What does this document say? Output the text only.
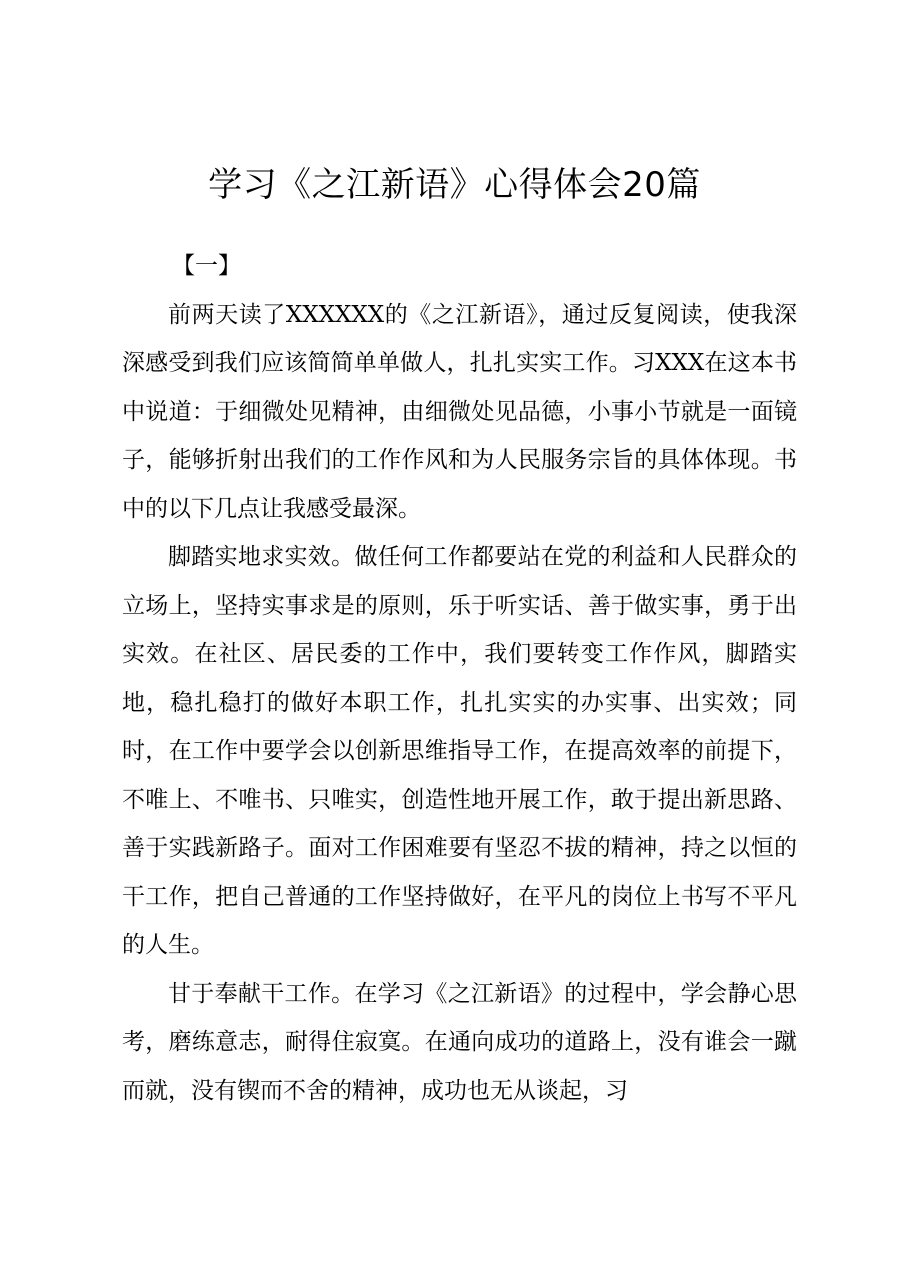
学习《之江新语》心得体会20篇
【一】

前两天读了XXXXXX的《之江新语》，通过反复阅读，使我深深感受到我们应该简简单单做人，扎扎实实工作。习XXX在这本书中说道：于细微处见精神，由细微处见品德，小事小节就是一面镜子，能够折射出我们的工作作风和为人民服务宗旨的具体体现。书中的以下几点让我感受最深。

脚踏实地求实效。做任何工作都要站在党的利益和人民群众的立场上，坚持实事求是的原则，乐于听实话、善于做实事，勇于出实效。在社区、居民委的工作中，我们要转变工作作风，脚踏实地，稳扎稳打的做好本职工作，扎扎实实的办实事、出实效；同时，在工作中要学会以创新思维指导工作，在提高效率的前提下，不唯上、不唯书、只唯实，创造性地开展工作，敢于提出新思路、善于实践新路子。面对工作困难要有坚忍不拔的精神，持之以恒的干工作，把自己普通的工作坚持做好，在平凡的岗位上书写不平凡的人生。

甘于奉献干工作。在学习《之江新语》的过程中，学会静心思考，磨练意志，耐得住寂寞。在通向成功的道路上，没有谁会一蹴而就，没有锲而不舍的精神，成功也无从谈起，习
